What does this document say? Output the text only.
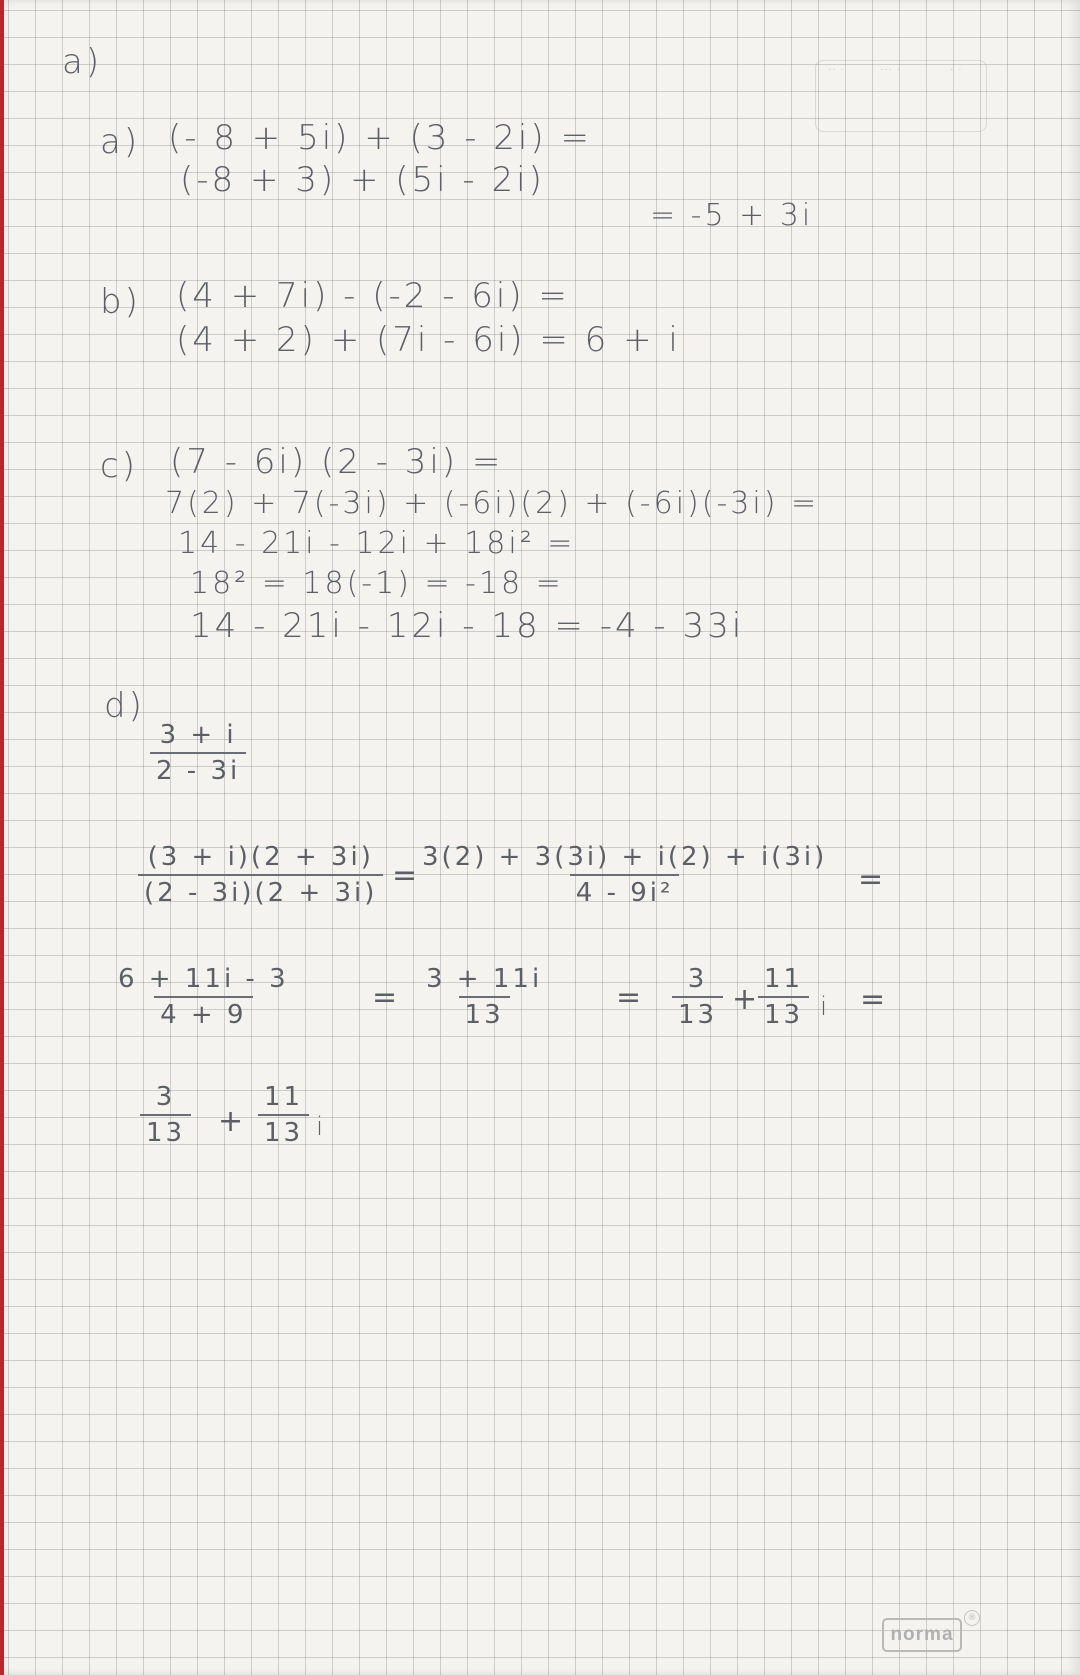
·· ·	··· ·	· ·
a)
a) (- 8 + 5i) + (3 - 2i) =
(-8 + 3) + (5i - 2i)
= -5 + 3i
b) (4 + 7i) - (-2 - 6i) =
(4 + 2) + (7i - 6i) = 6 + i
c) (7 - 6i) (2 - 3i) =
7(2) + 7(-3i) + (-6i)(2) + (-6i)(-3i) =
14 - 21i - 12i + 18i² =
18² = 18(-1) = -18 =
14 - 21i - 12i - 18 = -4 - 33i
d)
$\frac{3 + i}{2 - 3i}$
$\frac{(3 + i)(2 + 3i)}{(2 - 3i)(2 + 3i)}$ =
$\frac{3(2) + 3(3i) + i(2) + i(3i)}{\text{4 - 9i²}}$ =
$\frac{6 + 11i - 3}{4 + 9}$	= $\frac{3 + 11i}{13} = \frac{3}{13} + \frac{11}{13}$ i =
$\frac{3}{13} + \frac{11}{13}$ i
norma
®
